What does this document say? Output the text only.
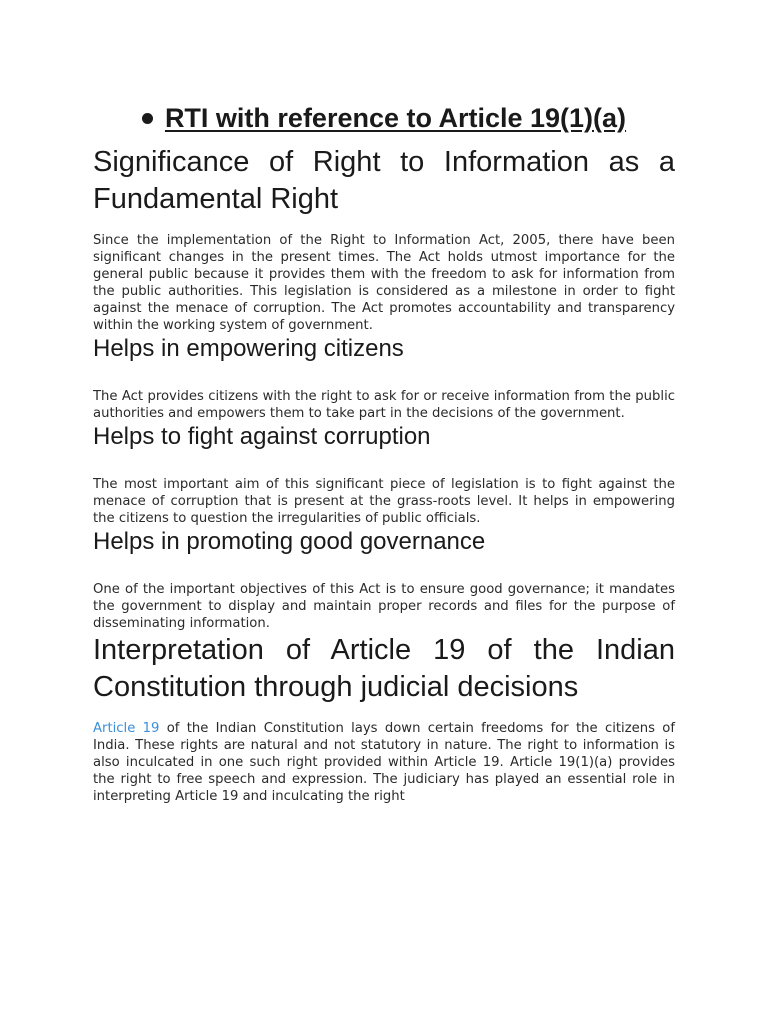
RTI with reference to Article 19(1)(a)
Significance of Right to Information as a Fundamental Right

Since the implementation of the Right to Information Act, 2005, there have been significant changes in the present times. The Act holds utmost importance for the general public because it provides them with the freedom to ask for information from the public authorities. This legislation is considered as a milestone in order to fight against the menace of corruption. The Act promotes accountability and transparency within the working system of government.

Helps in empowering citizens

The Act provides citizens with the right to ask for or receive information from the public authorities and empowers them to take part in the decisions of the government.

Helps to fight against corruption

The most important aim of this significant piece of legislation is to fight against the menace of corruption that is present at the grass-roots level. It helps in empowering the citizens to question the irregularities of public officials.

Helps in promoting good governance

One of the important objectives of this Act is to ensure good governance; it mandates the government to display and maintain proper records and files for the purpose of disseminating information.

Interpretation of Article 19 of the Indian Constitution through judicial decisions

Article 19 of the Indian Constitution lays down certain freedoms for the citizens of India. These rights are natural and not statutory in nature. The right to information is also inculcated in one such right provided within Article 19. Article 19(1)(a) provides the right to free speech and expression. The judiciary has played an essential role in interpreting Article 19 and inculcating the right
